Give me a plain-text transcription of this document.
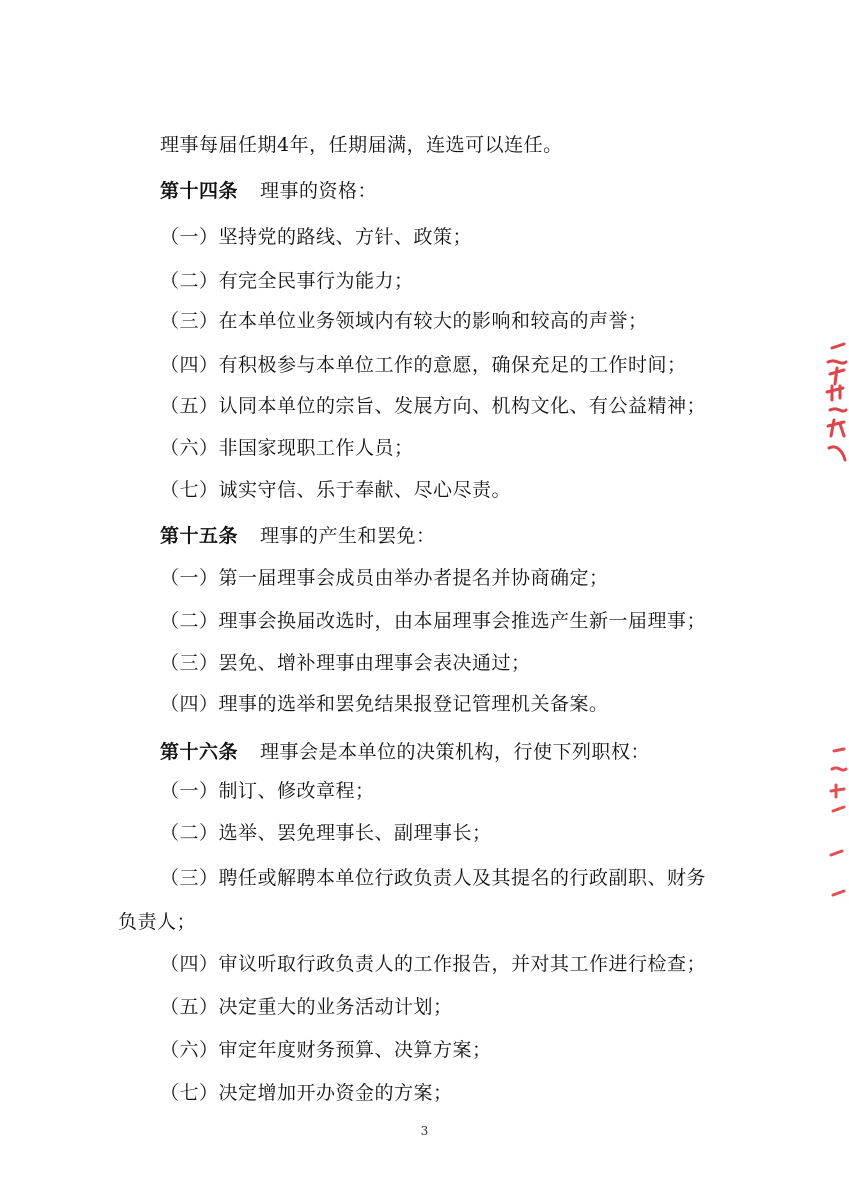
理事每届任期4年，任期届满，连选可以连任。
第十四条 理事的资格：
（一）坚持党的路线、方针、政策；
（二）有完全民事行为能力；
（三）在本单位业务领域内有较大的影响和较高的声誉；
（四）有积极参与本单位工作的意愿，确保充足的工作时间；
（五）认同本单位的宗旨、发展方向、机构文化、有公益精神；
（六）非国家现职工作人员；
（七）诚实守信、乐于奉献、尽心尽责。
第十五条 理事的产生和罢免：
（一）第一届理事会成员由举办者提名并协商确定；
（二）理事会换届改选时，由本届理事会推选产生新一届理事；
（三）罢免、增补理事由理事会表决通过；
（四）理事的选举和罢免结果报登记管理机关备案。
第十六条 理事会是本单位的决策机构，行使下列职权：
（一）制订、修改章程；
（二）选举、罢免理事长、副理事长；
（三）聘任或解聘本单位行政负责人及其提名的行政副职、财务
负责人；
（四）审议听取行政负责人的工作报告，并对其工作进行检查；
（五）决定重大的业务活动计划；
（六）审定年度财务预算、决算方案；
（七）决定增加开办资金的方案；
3
